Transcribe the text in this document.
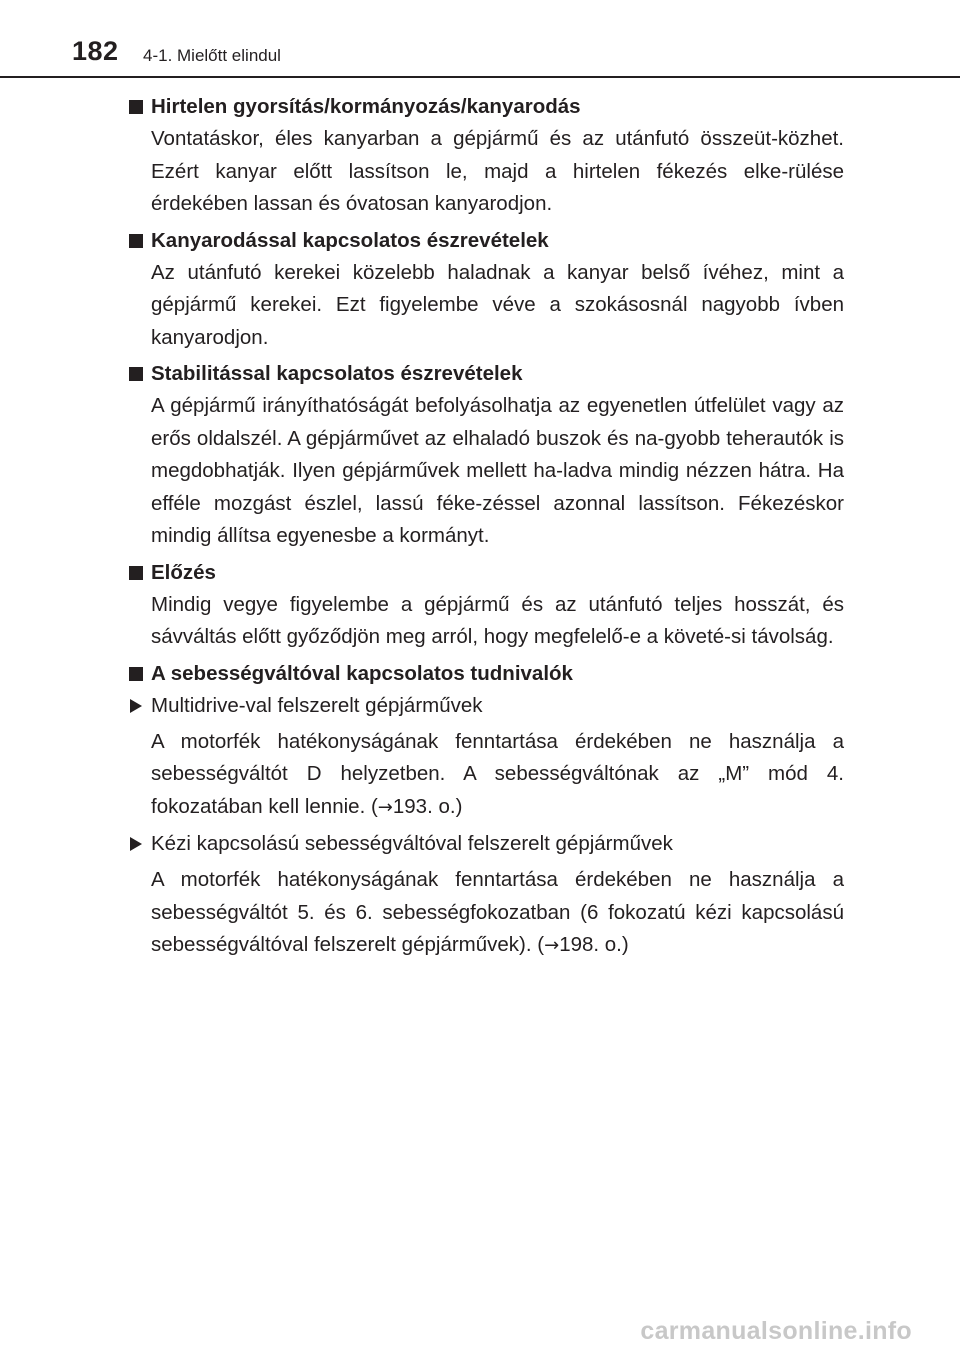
182 4-1. Mielőtt elindul
Hirtelen gyorsítás/kormányozás/kanyarodás

Vontatáskor, éles kanyarban a gépjármű és az utánfutó összeüt-közhet. Ezért kanyar előtt lassítson le, majd a hirtelen fékezés elke-rülése érdekében lassan és óvatosan kanyarodjon.

Kanyarodással kapcsolatos észrevételek

Az utánfutó kerekei közelebb haladnak a kanyar belső ívéhez, mint a gépjármű kerekei. Ezt figyelembe véve a szokásosnál nagyobb ívben kanyarodjon.

Stabilitással kapcsolatos észrevételek

A gépjármű irányíthatóságát befolyásolhatja az egyenetlen útfelület vagy az erős oldalszél. A gépjárművet az elhaladó buszok és na-gyobb teherautók is megdobhatják. Ilyen gépjárművek mellett ha-ladva mindig nézzen hátra. Ha efféle mozgást észlel, lassú féke-zéssel azonnal lassítson. Fékezéskor mindig állítsa egyenesbe a kormányt.

Előzés

Mindig vegye figyelembe a gépjármű és az utánfutó teljes hosszát, és sávváltás előtt győződjön meg arról, hogy megfelelő-e a követé-si távolság.

A sebességváltóval kapcsolatos tudnivalók
Multidrive-val felszerelt gépjárművek

A motorfék hatékonyságának fenntartása érdekében ne használja a sebességváltót D helyzetben. A sebességváltónak az „M” mód 4. fokozatában kell lennie. (→193. o.)

Kézi kapcsolású sebességváltóval felszerelt gépjárművek

A motorfék hatékonyságának fenntartása érdekében ne használja a sebességváltót 5. és 6. sebességfokozatban (6 fokozatú kézi kapcsolású sebességváltóval felszerelt gépjárművek). (→198. o.)

carmanualsonline.info
